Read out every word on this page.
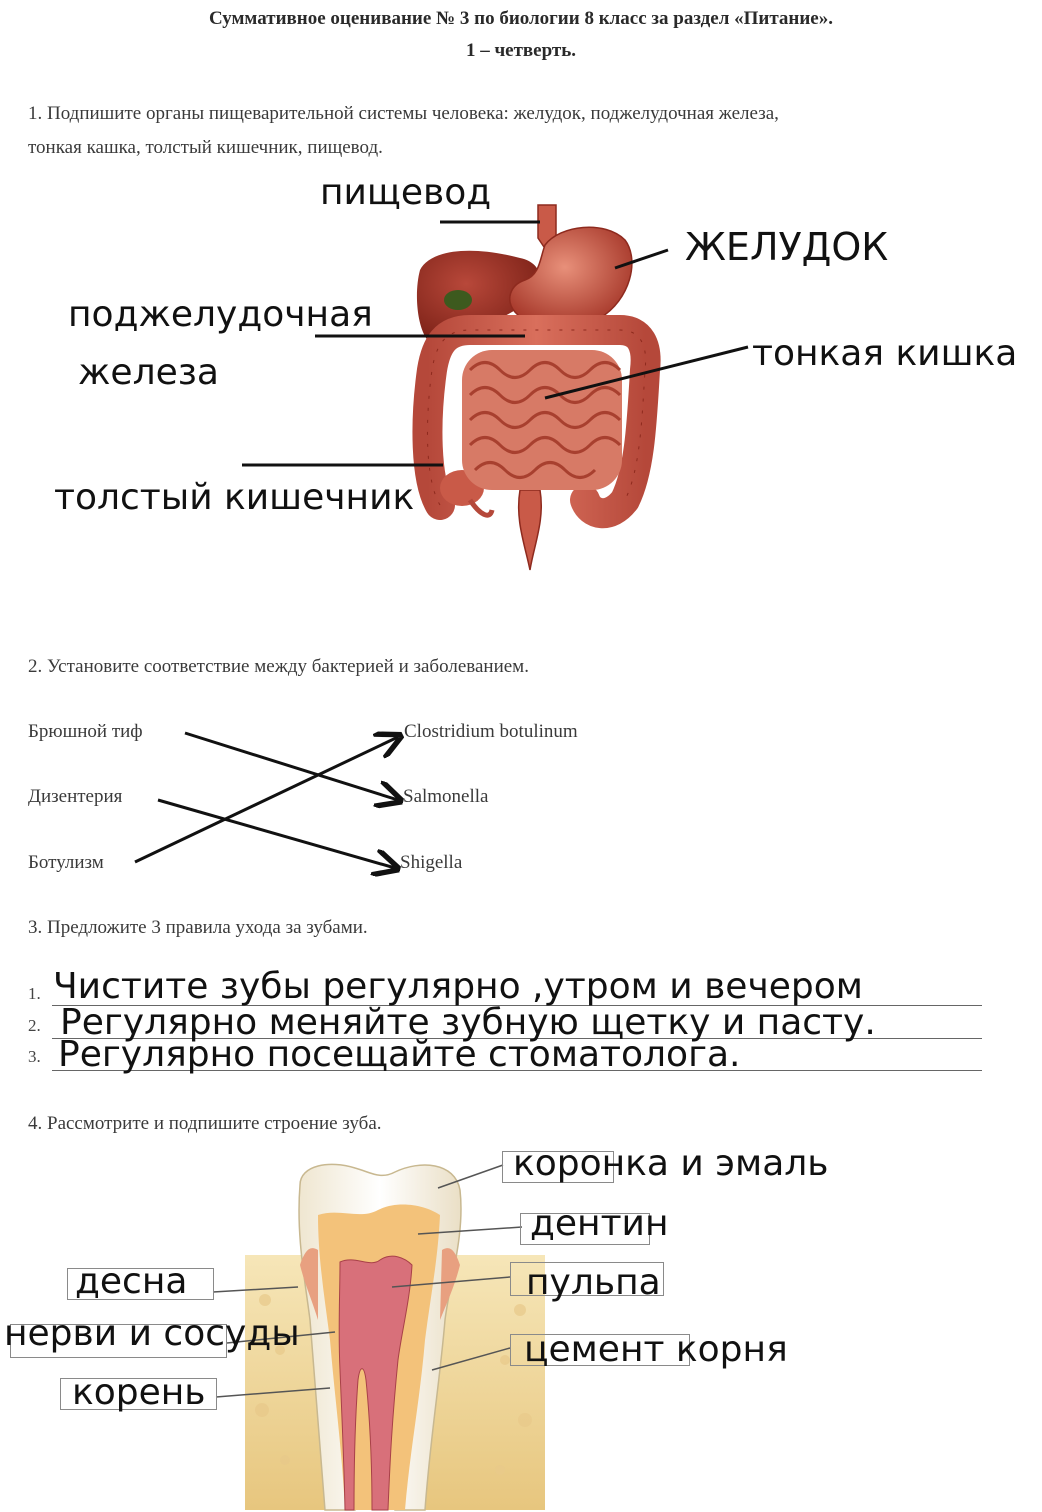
Суммативное оценивание № 3 по биологии 8 класс за раздел «Питание».
1 – четверть.
1. Подпишите органы пищеварительной системы человека: желудок, поджелудочная железа,
тонкая кашка, толстый кишечник, пищевод.
пищевод
ЖЕЛУДОК
поджелудочная
железа	тонкая кишка
толстый кишечник
2. Установите соответствие между бактерией и заболеванием.
Брюшной тиф
Дизентерия
Ботулизм
Clostridium botulinum
Salmonella
Shigella
3. Предложите 3 правила ухода за зубами.
1.
2.
3.
Чистите зубы регулярно ,утром и вечером
Регулярно меняйте зубную щетку и пасту.
Регулярно посещайте стоматолога.
4. Рассмотрите и подпишите строение зуба.
коронка и эмаль
дентин
десна	пульпа
нерви и сосуды	цемент корня
корень
